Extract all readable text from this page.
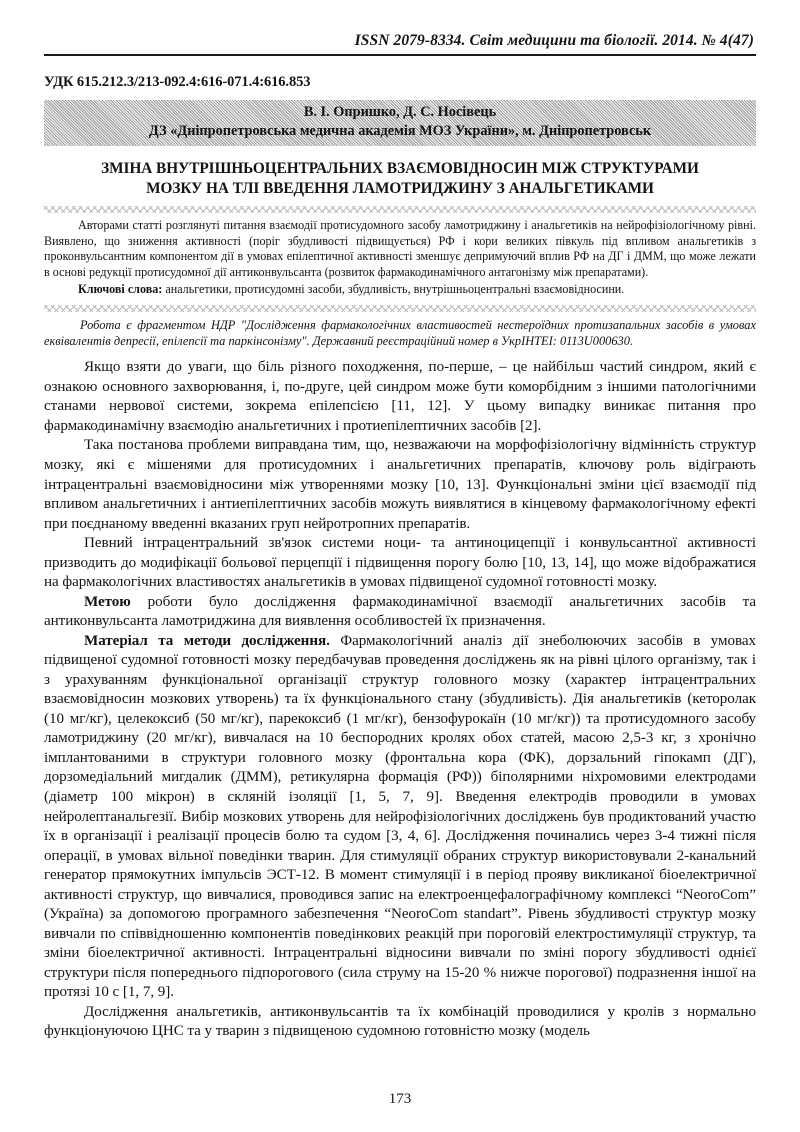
ISSN 2079-8334. Світ медицини та біології. 2014. № 4(47)
УДК 615.212.3/213-092.4:616-071.4:616.853
В. І. Опришко, Д. С. Носівець
ДЗ «Дніпропетровська медична академія МОЗ України», м. Дніпропетровськ
ЗМІНА ВНУТРІШНЬОЦЕНТРАЛЬНИХ ВЗАЄМОВІДНОСИН МІЖ СТРУКТУРАМИ
МОЗКУ НА ТЛІ ВВЕДЕННЯ ЛАМОТРИДЖИНУ З АНАЛЬГЕТИКАМИ

Авторами статті розглянуті питання взаємодії протисудомного засобу ламотриджину і анальгетиків на нейрофізіологічному рівні. Виявлено, що зниження активності (поріг збудливості підвищується) РФ і кори великих півкуль під впливом анальгетиків з проконвульсантним компонентом дії в умовах епілептичної активності зменшує депримуючий вплив РФ на ДГ і ДММ, що може лежати в основі редукції протисудомної дії антиконвульсанта (розвиток фармакодинамічного антагонізму між препаратами).

Ключові слова: анальгетики, протисудомні засоби, збудливість, внутрішньоцентральні взаємовідносини.

Робота є фрагментом НДР "Дослідження фармакологічних властивостей нестероїдних протизапальних засобів в умовах еквівалентів депресії, епілепсії та паркінсонізму". Державний реєстраційний номер в УкрІНТЕІ: 0113U000630.

Якщо взяти до уваги, що біль різного походження, по-перше, – це найбільш частий синдром, який є ознакою основного захворювання, і, по-друге, цей синдром може бути коморбідним з іншими патологічними станами нервової системи, зокрема епілепсією [11, 12]. У цьому випадку виникає питання про фармакодинамічну взаємодію анальгетичних і протиепілептичних засобів [2].

Така постанова проблеми виправдана тим, що, незважаючи на морфофізіологічну відмінність структур мозку, які є мішенями для протисудомних і анальгетичних препаратів, ключову роль відіграють інтрацентральні взаємовідносини між утвореннями мозку [10, 13]. Функціональні зміни цієї взаємодії під впливом анальгетичних і антиепілептичних засобів можуть виявлятися в кінцевому фармакологічному ефекті при поєднаному введенні вказаних груп нейротропних препаратів.

Певний інтрацентральний зв'язок системи ноци- та антиноцицепції і конвульсантної активності призводить до модифікації больової перцепції і підвищення порогу болю [10, 13, 14], що може відображатися на фармакологічних властивостях анальгетиків в умовах підвищеної судомної готовності мозку.

Метою роботи було дослідження фармакодинамічної взаємодії анальгетичних засобів та антиконвульсанта ламотриджина для виявлення особливостей їх призначення.

Матеріал та методи дослідження. Фармакологічний аналіз дії знеболюючих засобів в умовах підвищеної судомної готовності мозку передбачував проведення досліджень як на рівні цілого організму, так і з урахуванням функціональної організації структур головного мозку (характер інтрацентральних взаємовідносин мозкових утворень) та їх функціонального стану (збудливість). Дія анальгетиків (кеторолак (10 мг/кг), целекоксиб (50 мг/кг), парекоксиб (1 мг/кг), бензофурокаїн (10 мг/кг)) та протисудомного засобу ламотриджину (20 мг/кг), вивчалася на 10 беспородних кролях обох статей, масою 2,5-3 кг, з хронічно імплантованими в структури головного мозку (фронтальна кора (ФК), дорзальний гіпокамп (ДГ), дорзомедіальний мигдалик (ДММ), ретикулярна формація (РФ)) біполярними ніхромовими електродами (діаметр 100 мікрон) в скляній ізоляції [1, 5, 7, 9]. Введення електродів проводили в умовах нейролептанальгезії. Вибір мозкових утворень для нейрофізіологічних досліджень був продиктований участю їх в організації і реалізації процесів болю та судом [3, 4, 6]. Дослідження починались через 3-4 тижні після операції, в умовах вільної поведінки тварин. Для стимуляції обраних структур використовували 2-канальний генератор прямокутних імпульсів ЭСТ-12. В момент стимуляції і в період прояву викликаної біоелектричної активності структур, що вивчалися, проводився запис на електроенцефалографічному комплексі “NeoroCom” (Україна) за допомогою програмного забезпечення “NeoroCom standart”. Рівень збудливості структур мозку вивчали по співвідношенню компонентів поведінкових реакцій при пороговій електростимуляції структур, та зміни біоелектричної активності. Інтрацентральні відносини вивчали по зміні порогу збудливості однієї структури після попереднього підпорогового (сила струму на 15-20 % нижче порогової) подразнення іншої на протязі 10 с [1, 7, 9].

Дослідження анальгетиків, антиконвульсантів та їх комбінацій проводилися у кролів з нормально функціонуючою ЦНС та у тварин з підвищеною судомною готовністю мозку (модель

173
